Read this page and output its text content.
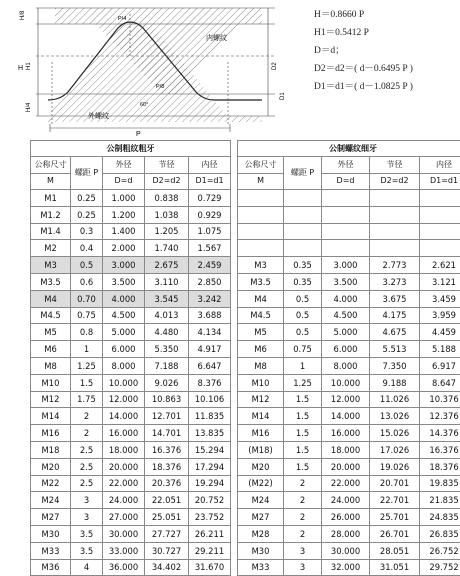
H/8
H H1
H/4
P
P/8
P/4
60°
内螺纹
外螺纹
D2
D1
H＝0.8660 P
H1＝0.5412 P
D＝d；
D2＝d2＝( d－0.6495 P )
D1＝d1＝( d－1.0825 P )
公制粗纹粗牙				
公称尺寸	螺距 P	外径	节径	内径
M		D=d	D2=d2	D1=d1
M1	0.25	1.000	0.838	0.729
M1.2	0.25	1.200	1.038	0.929
M1.4	0.3	1.400	1.205	1.075
M2	0.4	2.000	1.740	1.567
M3	0.5	3.000	2.675	2.459
M3.5	0.6	3.500	3.110	2.850
M4	0.70	4.000	3.545	3.242
M4.5	0.75	4.500	4.013	3.688
M5	0.8	5.000	4.480	4.134
M6	1	6.000	5.350	4.917
M8	1.25	8.000	7.188	6.647
M10	1.5	10.000	9.026	8.376
M12	1.75	12.000	10.863	10.106
M14	2	14.000	12.701	11.835
M16	2	16.000	14.701	13.835
M18	2.5	18.000	16.376	15.294
M20	2.5	20.000	18.376	17.294
M22	2.5	22.000	20.376	19.294
M24	3	24.000	22.051	20.752
M27	3	27.000	25.051	23.752
M30	3.5	30.000	27.727	26.211
M33	3.5	33.000	30.727	29.211
M36	4	36.000	34.402	31.670
公制螺纹细牙				
公称尺寸	螺距 P	外径	节径	内径
M		D=d	D2=d2	D1=d1

M3	0.35	3.000	2.773	2.621
M3.5	0.35	3.500	3.273	3.121
M4	0.5	4.000	3.675	3.459
M4.5	0.5	4.500	4.175	3.959
M5	0.5	5.000	4.675	4.459
M6	0.75	6.000	5.513	5.188
M8	1	8.000	7.350	6.917
M10	1.25	10.000	9.188	8.647
M12	1.5	12.000	11.026	10.376
M14	1.5	14.000	13.026	12.376
M16	1.5	16.000	15.026	14.376
(M18)	1.5	18.000	17.026	16.376
M20	1.5	20.000	19.026	18.376
(M22)	2	22.000	20.701	19.835
M24	2	24.000	22.701	21.835
M27	2	26.000	25.701	24.835
M28	2	28.000	26.701	26.835
M30	3	30.000	28.051	26.752
M33	3	32.000	31.051	29.752
